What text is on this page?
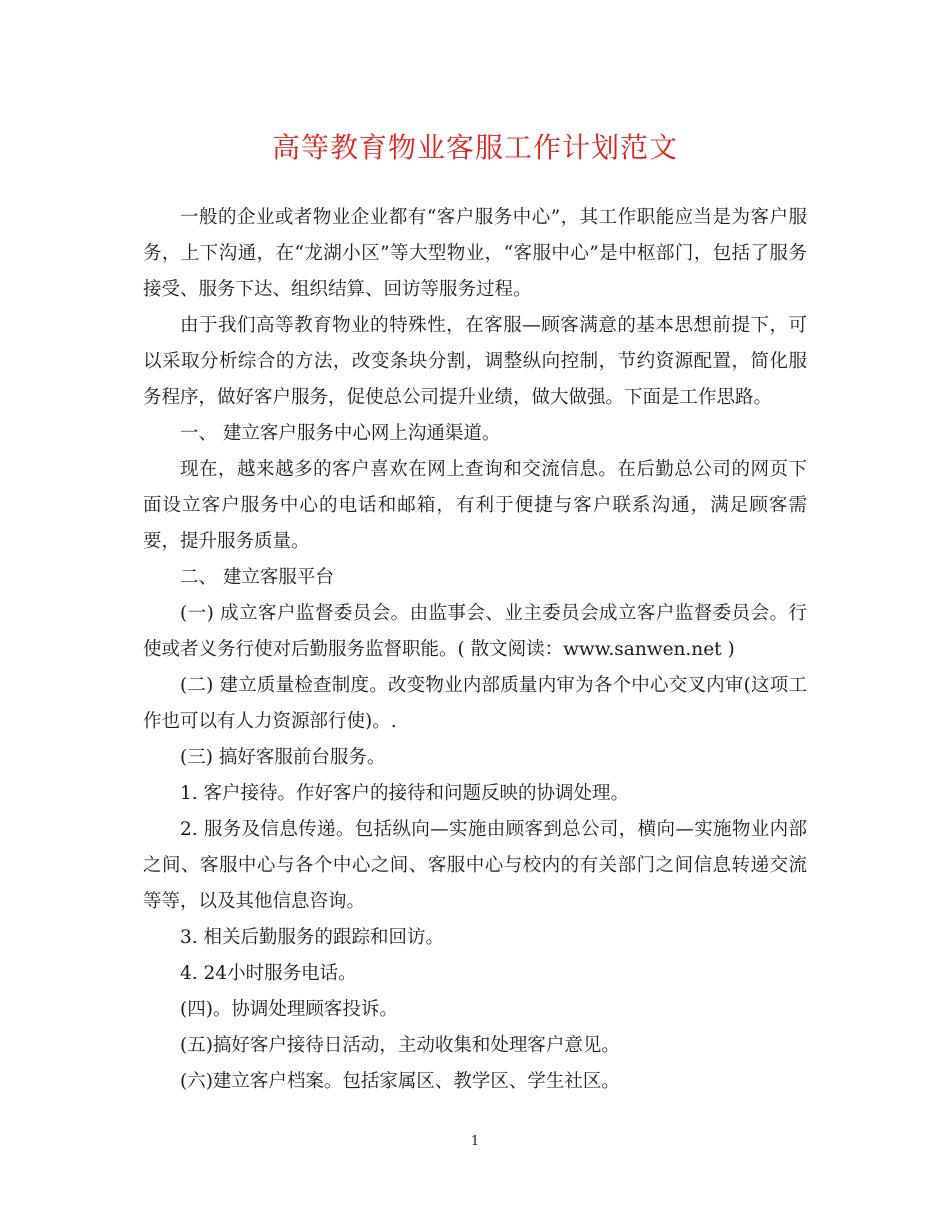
高等教育物业客服工作计划范文

一般的企业或者物业企业都有“客户服务中心”，其工作职能应当是为客户服务，上下沟通，在“龙湖小区”等大型物业，“客服中心”是中枢部门，包括了服务接受、服务下达、组织结算、回访等服务过程。

由于我们高等教育物业的特殊性，在客服—顾客满意的基本思想前提下，可以采取分析综合的方法，改变条块分割，调整纵向控制，节约资源配置，简化服务程序，做好客户服务，促使总公司提升业绩，做大做强。下面是工作思路。

一、 建立客户服务中心网上沟通渠道。

现在，越来越多的客户喜欢在网上查询和交流信息。在后勤总公司的网页下面设立客户服务中心的电话和邮箱，有利于便捷与客户联系沟通，满足顾客需要，提升服务质量。

二、 建立客服平台

(一) 成立客户监督委员会。由监事会、业主委员会成立客户监督委员会。行使或者义务行使对后勤服务监督职能。( 散文阅读：www.sanwen.net )

(二) 建立质量检查制度。改变物业内部质量内审为各个中心交叉内审(这项工作也可以有人力资源部行使)。.

(三) 搞好客服前台服务。

1. 客户接待。作好客户的接待和问题反映的协调处理。

2. 服务及信息传递。包括纵向—实施由顾客到总公司，横向—实施物业内部之间、客服中心与各个中心之间、客服中心与校内的有关部门之间信息转递交流等等，以及其他信息咨询。

3. 相关后勤服务的跟踪和回访。

4. 24小时服务电话。

(四)。协调处理顾客投诉。

(五)搞好客户接待日活动，主动收集和处理客户意见。

(六)建立客户档案。包括家属区、教学区、学生社区。

1
